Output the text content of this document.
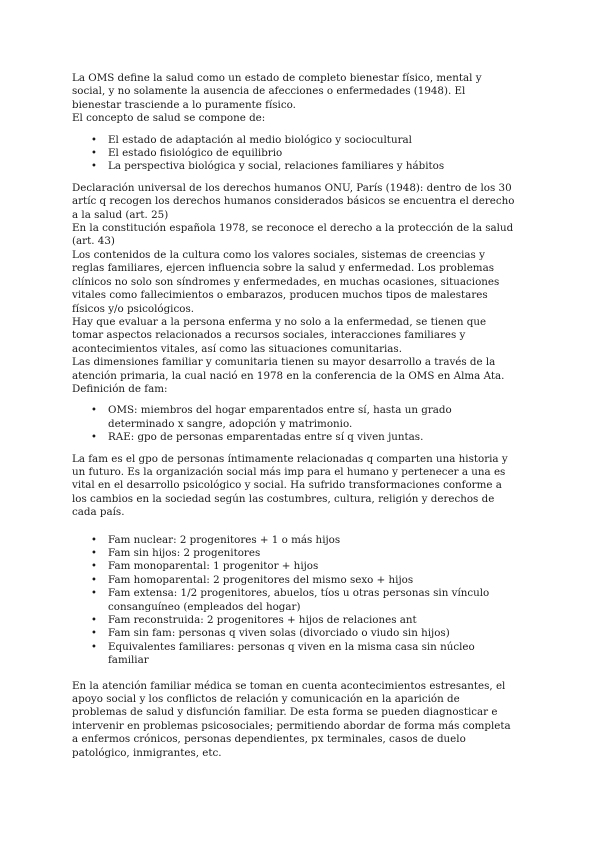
La OMS define la salud como un estado de completo bienestar físico, mental y social, y no solamente la ausencia de afecciones o enfermedades (1948). El bienestar trasciende a lo puramente físico.

El concepto de salud se compone de:

• El estado de adaptación al medio biológico y sociocultural
• El estado fisiológico de equilibrio
• La perspectiva biológica y social, relaciones familiares y hábitos

Declaración universal de los derechos humanos ONU, París (1948): dentro de los 30 artíc q recogen los derechos humanos considerados básicos se encuentra el derecho a la salud (art. 25)

En la constitución española 1978, se reconoce el derecho a la protección de la salud (art. 43)

Los contenidos de la cultura como los valores sociales, sistemas de creencias y reglas familiares, ejercen influencia sobre la salud y enfermedad. Los problemas clínicos no solo son síndromes y enfermedades, en muchas ocasiones, situaciones vitales como fallecimientos o embarazos, producen muchos tipos de malestares físicos y/o psicológicos.

Hay que evaluar a la persona enferma y no solo a la enfermedad, se tienen que tomar aspectos relacionados a recursos sociales, interacciones familiares y acontecimientos vitales, así como las situaciones comunitarias.

Las dimensiones familiar y comunitaria tienen su mayor desarrollo a través de la atención primaria, la cual nació en 1978 en la conferencia de la OMS en Alma Ata.

Definición de fam:

• OMS: miembros del hogar emparentados entre sí, hasta un grado determinado x sangre, adopción y matrimonio.
• RAE: gpo de personas emparentadas entre sí q viven juntas.

La fam es el gpo de personas íntimamente relacionadas q comparten una historia y un futuro. Es la organización social más imp para el humano y pertenecer a una es vital en el desarrollo psicológico y social. Ha sufrido transformaciones conforme a los cambios en la sociedad según las costumbres, cultura, religión y derechos de cada país.

• Fam nuclear: 2 progenitores + 1 o más hijos
• Fam sin hijos: 2 progenitores
• Fam monoparental: 1 progenitor + hijos
• Fam homoparental: 2 progenitores del mismo sexo + hijos
• Fam extensa: 1/2 progenitores, abuelos, tíos u otras personas sin vínculo consanguíneo (empleados del hogar)
• Fam reconstruida: 2 progenitores + hijos de relaciones ant
• Fam sin fam: personas q viven solas (divorciado o viudo sin hijos)
• Equivalentes familiares: personas q viven en la misma casa sin núcleo familiar

En la atención familiar médica se toman en cuenta acontecimientos estresantes, el apoyo social y los conflictos de relación y comunicación en la aparición de problemas de salud y disfunción familiar. De esta forma se pueden diagnosticar e intervenir en problemas psicosociales; permitiendo abordar de forma más completa a enfermos crónicos, personas dependientes, px terminales, casos de duelo patológico, inmigrantes, etc.
